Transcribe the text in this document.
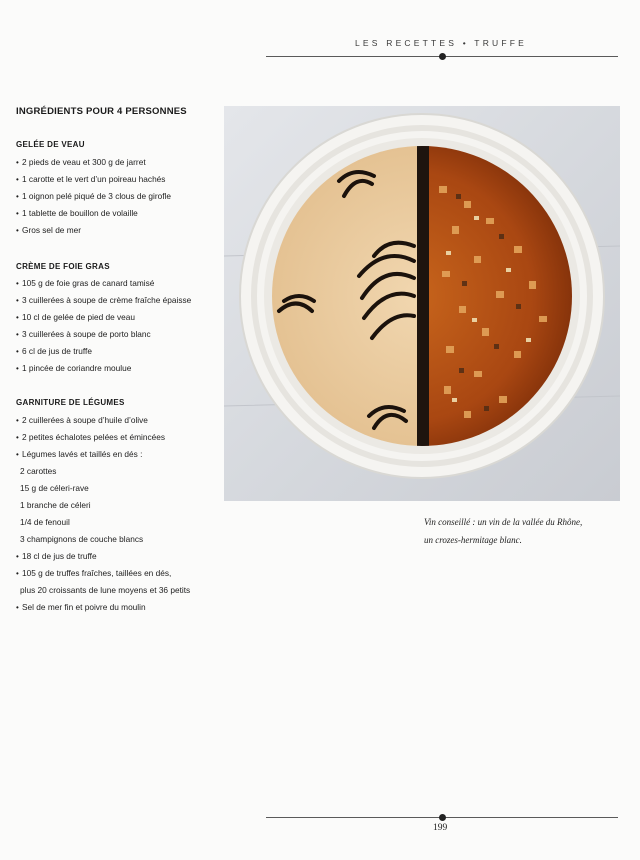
LES RECETTES • TRUFFE
INGRÉDIENTS POUR 4 PERSONNES
GELÉE DE VEAU
• 2 pieds de veau et 300 g de jarret
• 1 carotte et le vert d’un poireau hachés
• 1 oignon pelé piqué de 3 clous de girofle
• 1 tablette de bouillon de volaille
• Gros sel de mer
CRÈME DE FOIE GRAS
• 105 g de foie gras de canard tamisé
• 3 cuillerées à soupe de crème fraîche épaisse
• 10 cl de gelée de pied de veau
• 3 cuillerées à soupe de porto blanc
• 6 cl de jus de truffe
• 1 pincée de coriandre moulue
GARNITURE DE LÉGUMES
• 2 cuillerées à soupe d’huile d’olive
• 2 petites échalotes pelées et émincées
• Légumes lavés et taillés en dés :
2 carottes
15 g de céleri-rave
1 branche de céleri
1/4 de fenouil
3 champignons de couche blancs
• 18 cl de jus de truffe
• 105 g de truffes fraîches, taillées en dés,
plus 20 croissants de lune moyens et 36 petits
• Sel de mer fin et poivre du moulin
Vin conseillé : un vin de la vallée du Rhône,
un crozes-hermitage blanc.
199
